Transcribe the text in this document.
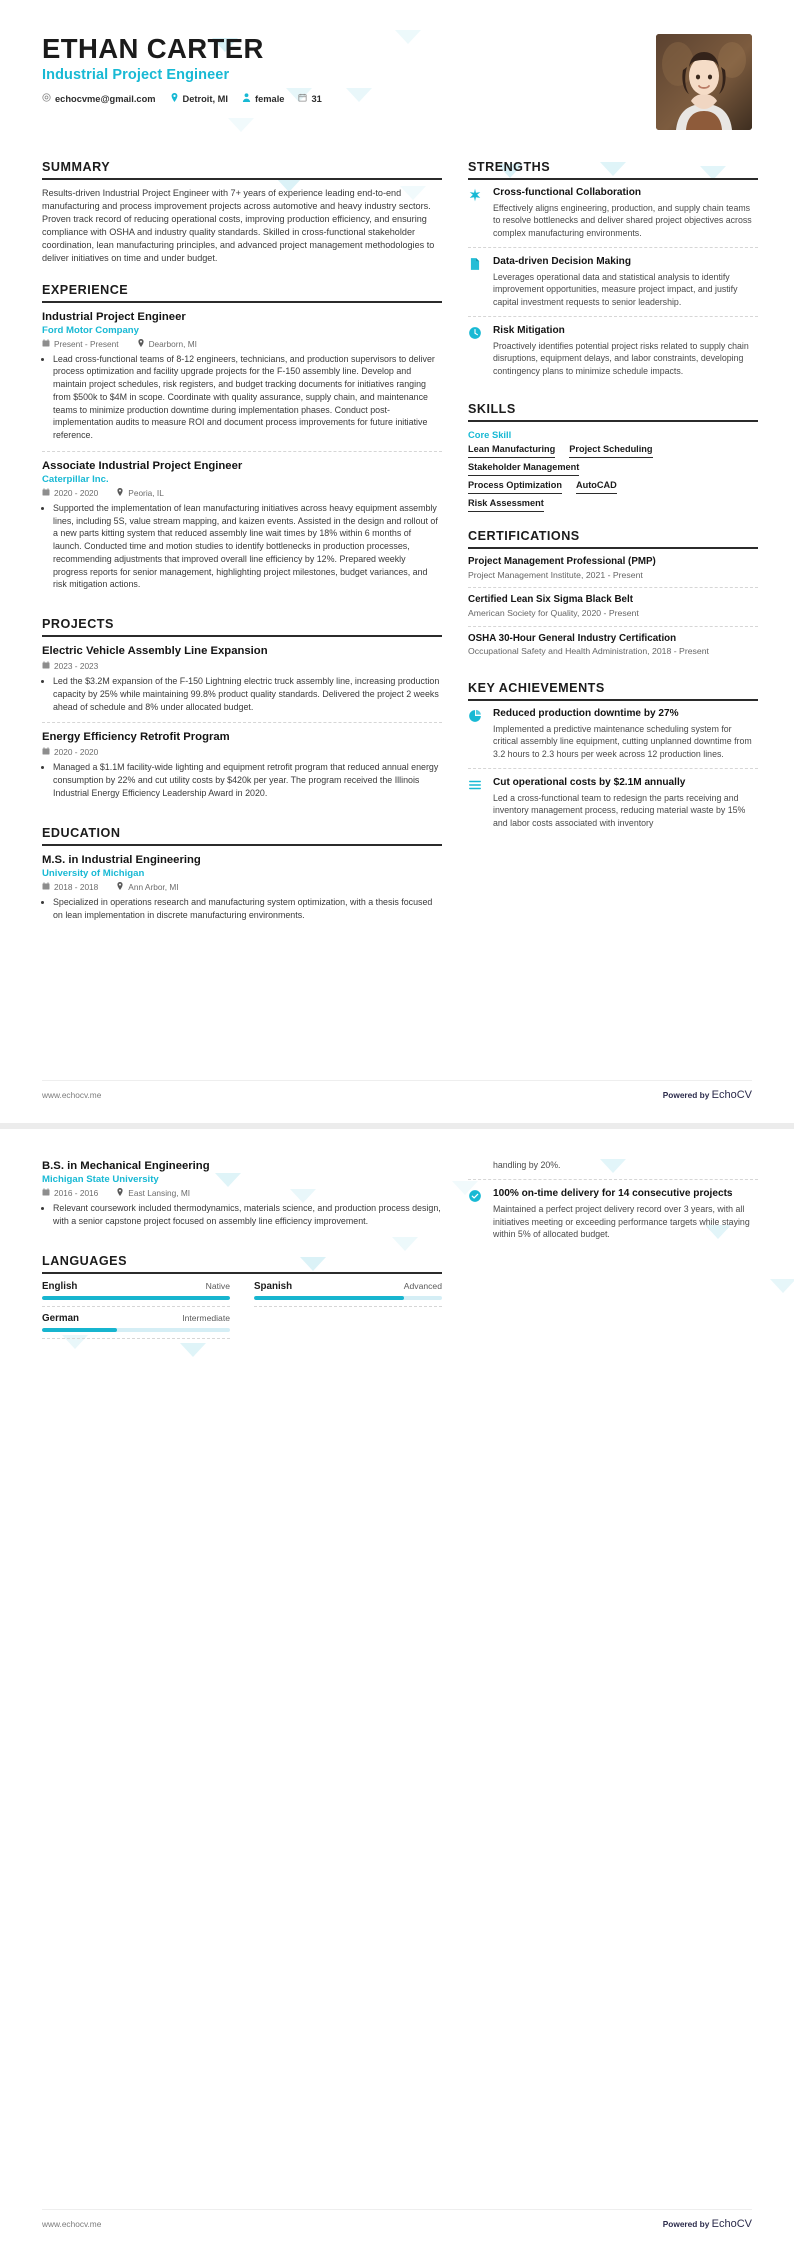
ETHAN CARTER
Industrial Project Engineer
echocvme@gmail.com	Detroit, MI	female	31
SUMMARY
Results-driven Industrial Project Engineer with 7+ years of experience leading end-to-end manufacturing and process improvement projects across automotive and heavy industry sectors. Proven track record of reducing operational costs, improving production efficiency, and ensuring compliance with OSHA and industry quality standards. Skilled in cross-functional stakeholder coordination, lean manufacturing principles, and advanced project management methodologies to deliver initiatives on time and under budget.
EXPERIENCE
Industrial Project Engineer
Ford Motor Company
Present - Present	Dearborn, MI
• Lead cross-functional teams of 8-12 engineers, technicians, and production supervisors to deliver process optimization and facility upgrade projects for the F-150 assembly line. Develop and maintain project schedules, risk registers, and budget tracking documents for initiatives ranging from $500k to $4M in scope. Coordinate with quality assurance, supply chain, and maintenance teams to minimize production downtime during implementation phases. Conduct post-implementation audits to measure ROI and document process improvements for future initiative reference.
Associate Industrial Project Engineer
Caterpillar Inc.
2020 - 2020	Peoria, IL
• Supported the implementation of lean manufacturing initiatives across heavy equipment assembly lines, including 5S, value stream mapping, and kaizen events. Assisted in the design and rollout of a new parts kitting system that reduced assembly line wait times by 18% within 6 months of launch. Conducted time and motion studies to identify bottlenecks in production processes, recommending adjustments that improved overall line efficiency by 12%. Prepared weekly progress reports for senior management, highlighting project milestones, budget variances, and risk mitigation actions.
PROJECTS
Electric Vehicle Assembly Line Expansion
2023 - 2023
• Led the $3.2M expansion of the F-150 Lightning electric truck assembly line, increasing production capacity by 25% while maintaining 99.8% product quality standards. Delivered the project 2 weeks ahead of schedule and 8% under allocated budget.
Energy Efficiency Retrofit Program
2020 - 2020
• Managed a $1.1M facility-wide lighting and equipment retrofit program that reduced annual energy consumption by 22% and cut utility costs by $420k per year. The program received the Illinois Industrial Energy Efficiency Leadership Award in 2020.
EDUCATION
M.S. in Industrial Engineering
University of Michigan
2018 - 2018	Ann Arbor, MI
• Specialized in operations research and manufacturing system optimization, with a thesis focused on lean implementation in discrete manufacturing environments.
STRENGTHS
Cross-functional Collaboration

Effectively aligns engineering, production, and supply chain teams to resolve bottlenecks and deliver shared project objectives across complex manufacturing environments.

Data-driven Decision Making

Leverages operational data and statistical analysis to identify improvement opportunities, measure project impact, and justify capital investment requests to senior leadership.

Risk Mitigation

Proactively identifies potential project risks related to supply chain disruptions, equipment delays, and labor constraints, developing contingency plans to minimize schedule impacts.

SKILLS
Core Skill
Lean Manufacturing Project Scheduling
Stakeholder Management
Process Optimization AutoCAD
Risk Assessment
CERTIFICATIONS
Project Management Professional (PMP)
Project Management Institute, 2021 - Present
Certified Lean Six Sigma Black Belt
American Society for Quality, 2020 - Present
OSHA 30-Hour General Industry Certification
Occupational Safety and Health Administration, 2018 - Present
KEY ACHIEVEMENTS
Reduced production downtime by 27%

Implemented a predictive maintenance scheduling system for critical assembly line equipment, cutting unplanned downtime from 3.2 hours to 2.3 hours per week across 12 production lines.

Cut operational costs by $2.1M annually

Led a cross-functional team to redesign the parts receiving and inventory management process, reducing material waste by 15% and labor costs associated with inventory

www.echocv.me	Powered by EchoCV
B.S. in Mechanical Engineering
Michigan State University
2016 - 2016	East Lansing, MI
• Relevant coursework included thermodynamics, materials science, and production process design, with a senior capstone project focused on assembly line efficiency improvement.
LANGUAGES
English	Native Spanish	Advanced
German	Intermediate
handling by 20%.
100% on-time delivery for 14 consecutive projects

Maintained a perfect project delivery record over 3 years, with all initiatives meeting or exceeding performance targets while staying within 5% of allocated budget.

www.echocv.me	Powered by EchoCV
